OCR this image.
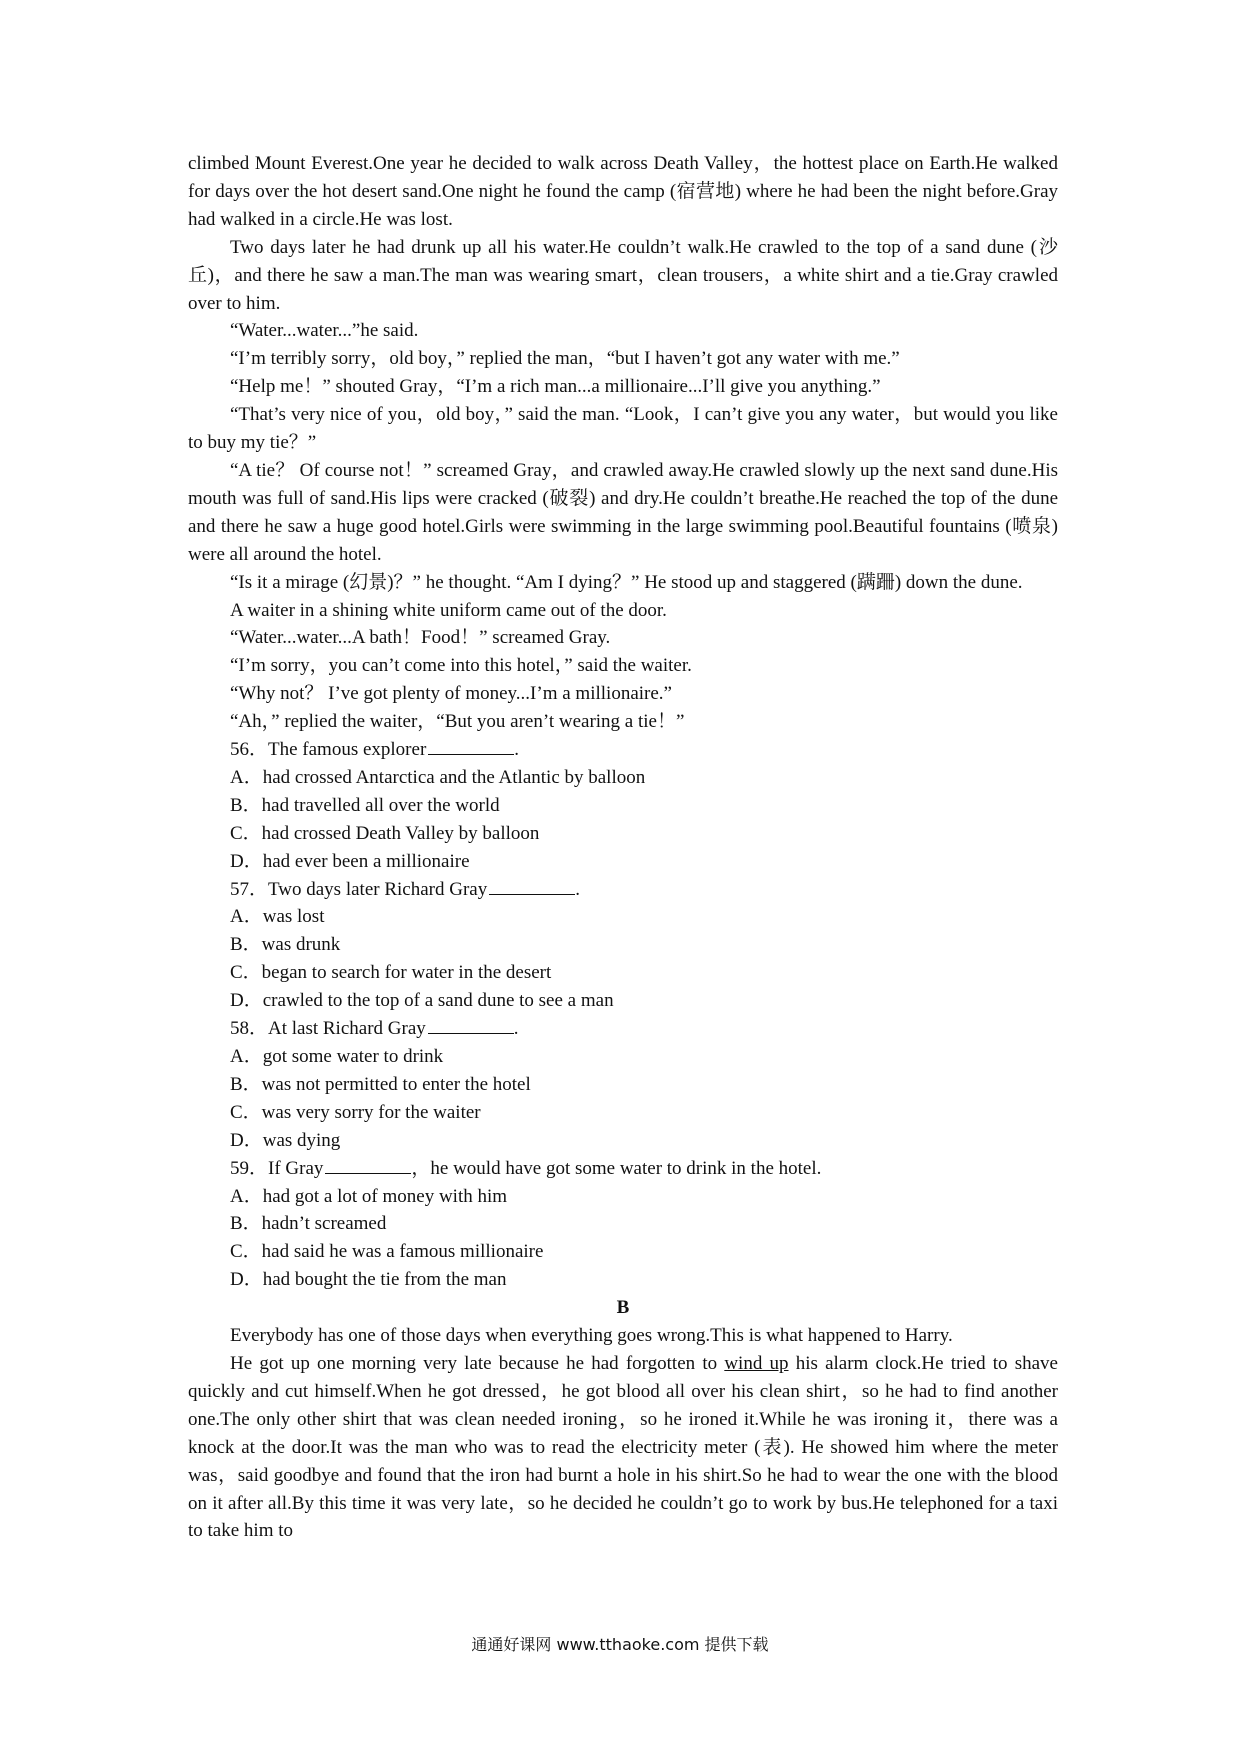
climbed Mount Everest.One year he decided to walk across Death Valley，the hottest place on Earth.He walked for days over the hot desert sand.One night he found the camp (宿营地) where he had been the night before.Gray had walked in a circle.He was lost.

Two days later he had drunk up all his water.He couldn’t walk.He crawled to the top of a sand dune (沙丘)，and there he saw a man.The man was wearing smart，clean trousers，a white shirt and a tie.Gray crawled over to him.

“Water...water...”he said.

“I’m terribly sorry，old boy，” replied the man，“but I haven’t got any water with me.”

“Help me！” shouted Gray，“I’m a rich man...a millionaire...I’ll give you anything.”

“That’s very nice of you，old boy，” said the man. “Look，I can’t give you any water，but would you like to buy my tie？”

“A tie？ Of course not！” screamed Gray，and crawled away.He crawled slowly up the next sand dune.His mouth was full of sand.His lips were cracked (破裂) and dry.He couldn’t breathe.He reached the top of the dune and there he saw a huge good hotel.Girls were swimming in the large swimming pool.Beautiful fountains (喷泉) were all around the hotel.

“Is it a mirage (幻景)？” he thought. “Am I dying？” He stood up and staggered (蹒跚) down the dune.

A waiter in a shining white uniform came out of the door.

“Water...water...A bath！Food！” screamed Gray.

“I’m sorry，you can’t come into this hotel，” said the waiter.

“Why not？ I’ve got plenty of money...I’m a millionaire.”

“Ah，” replied the waiter，“But you aren’t wearing a tie！”

56．The famous explorer	.

A．had crossed Antarctica and the Atlantic by balloon

B．had travelled all over the world

C．had crossed Death Valley by balloon

D．had ever been a millionaire

57．Two days later Richard Gray	.

A．was lost

B．was drunk

C．began to search for water in the desert

D．crawled to the top of a sand dune to see a man

58．At last Richard Gray	.

A．got some water to drink

B．was not permitted to enter the hotel

C．was very sorry for the waiter

D．was dying

59．If Gray	，he would have got some water to drink in the hotel.

A．had got a lot of money with him

B．hadn’t screamed

C．had said he was a famous millionaire

D．had bought the tie from the man

B

Everybody has one of those days when everything goes wrong.This is what happened to Harry.

He got up one morning very late because he had forgotten to wind up his alarm clock.He tried to shave quickly and cut himself.When he got dressed，he got blood all over his clean shirt，so he had to find another one.The only other shirt that was clean needed ironing，so he ironed it.While he was ironing it，there was a knock at the door.It was the man who was to read the electricity meter (表). He showed him where the meter was，said goodbye and found that the iron had burnt a hole in his shirt.So he had to wear the one with the blood on it after all.By this time it was very late，so he decided he couldn’t go to work by bus.He telephoned for a taxi to take him to

通通好课网 www.tthaoke.com 提供下载
